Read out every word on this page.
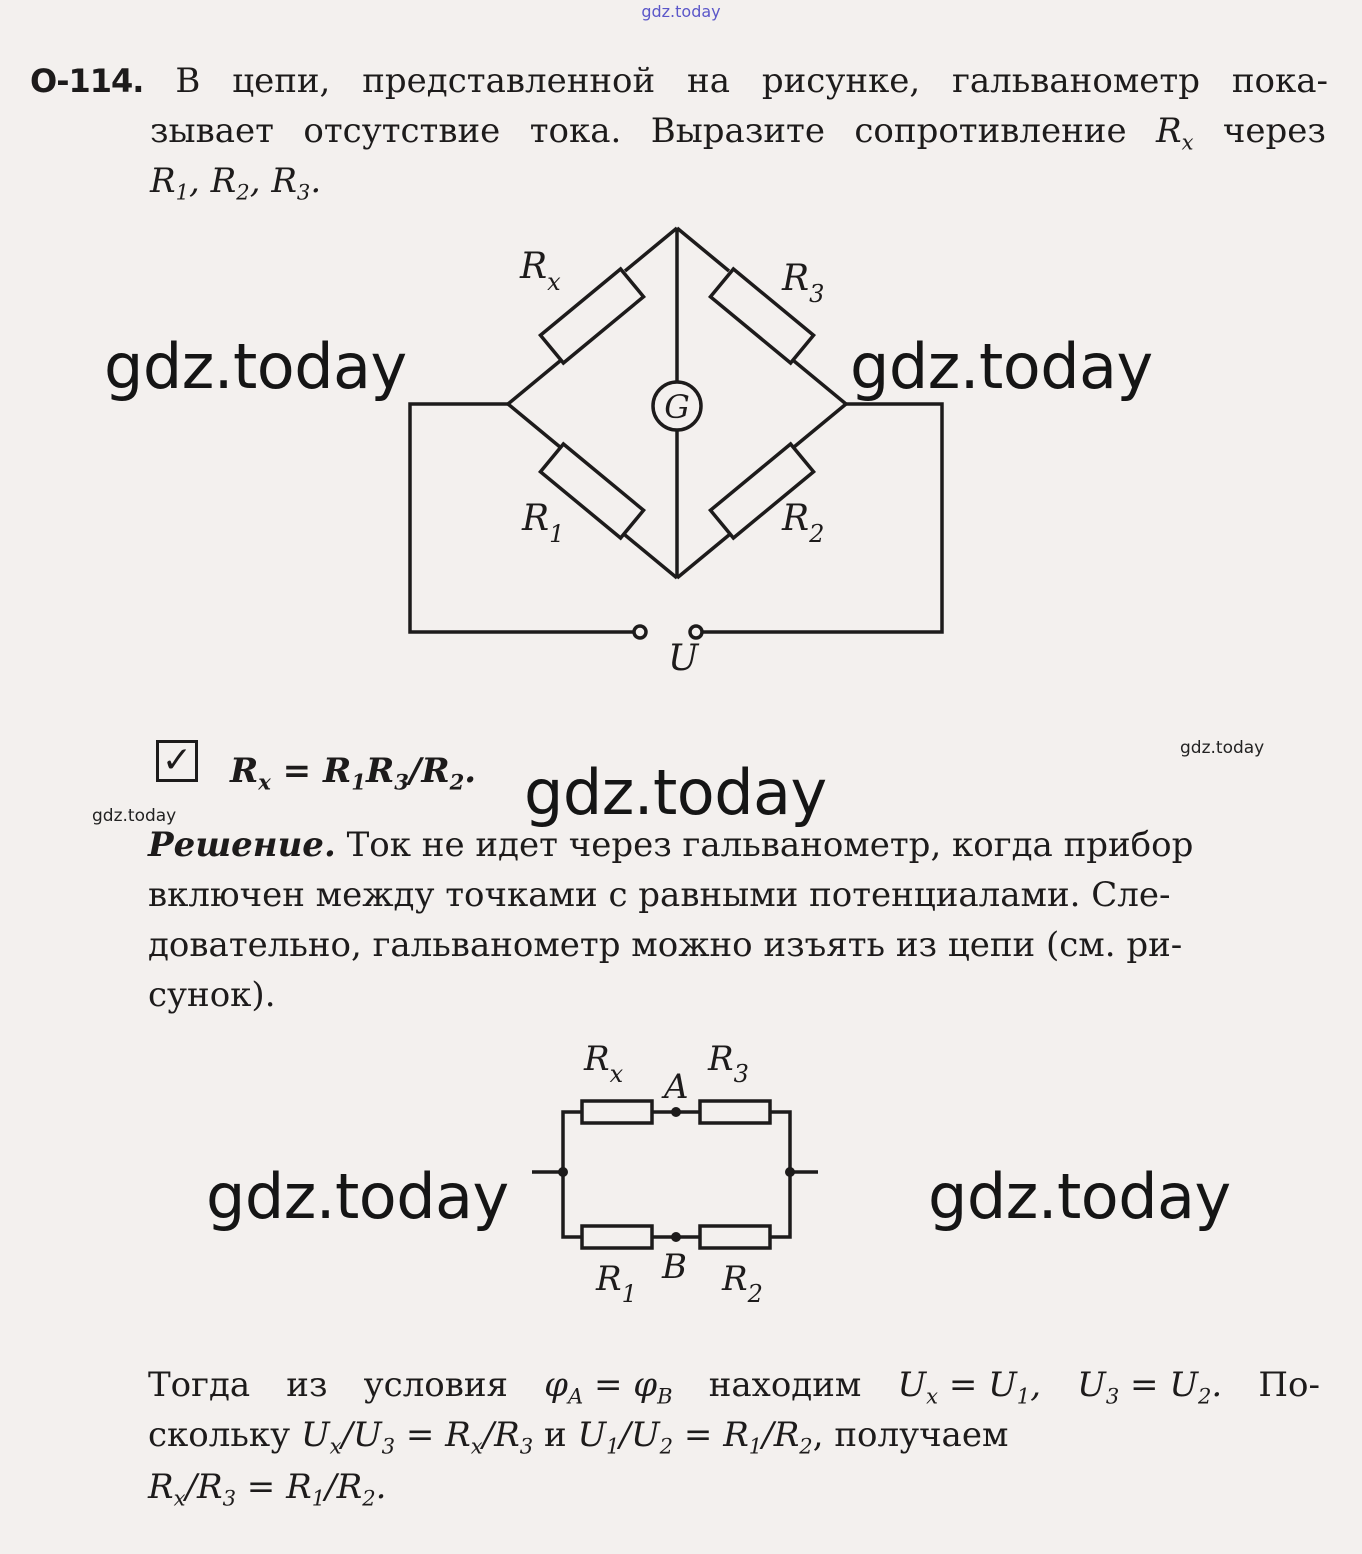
gdz.today
О-114. В цепи, представленной на рисунке, гальванометр пока-
зывает отсутствие тока. Выразите сопротивление $R_x$ через
$R_1$, $R_2$, $R_3$.
$R_x$	$R_3$
$R_1$	$R_2$
G
U
✓ $R_x = R_1R_3/R_2$.
Решение. Ток не идет через гальванометр, когда прибор
включен между точками с равными потенциалами. Сле-
довательно, гальванометр можно изъять из цепи (см. ри-
сунок).
$R_x$ $R_3$
A
B
$R_1$	$R_2$
Тогда из условия $\varphi_A = \varphi_B$ находим $U_x = U_1$, $U_3 = U_2$. По-
скольку $U_x/U_3 = R_x/R_3$ и $U_1/U_2 = R_1/R_2$, получаем
$R_x/R_3 = R_1/R_2$.
gdz.today	gdz.today
gdz.today
gdz.today	gdz.today
gdz.today
gdz.today
